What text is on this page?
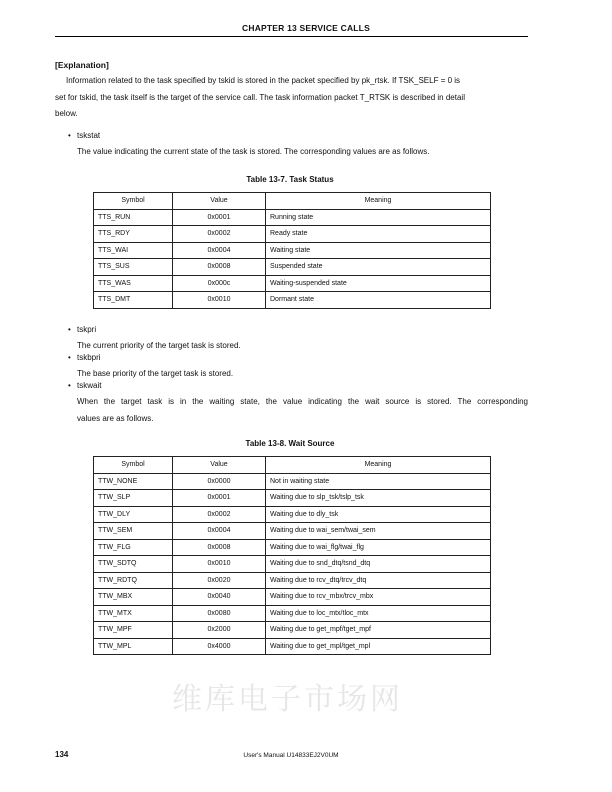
CHAPTER 13 SERVICE CALLS
[Explanation]
Information related to the task specified by tskid is stored in the packet specified by pk_rtsk. If TSK_SELF = 0 is
set for tskid, the task itself is the target of the service call. The task information packet T_RTSK is described in detail
below.
• tskstat
The value indicating the current state of the task is stored. The corresponding values are as follows.
Table 13-7. Task Status
Symbol	Value	Meaning
TTS_RUN	0x0001	Running state
TTS_RDY	0x0002	Ready state
TTS_WAI	0x0004	Waiting state
TTS_SUS	0x0008	Suspended state
TTS_WAS	0x000c	Waiting-suspended state
TTS_DMT	0x0010	Dormant state
• tskpri
The current priority of the target task is stored.
• tskbpri
The base priority of the target task is stored.
• tskwait
When the target task is in the waiting state, the value indicating the wait source is stored. The corresponding
values are as follows.
Table 13-8. Wait Source
Symbol	Value	Meaning
TTW_NONE	0x0000	Not in waiting state
TTW_SLP	0x0001	Waiting due to slp_tsk/tslp_tsk
TTW_DLY	0x0002	Waiting due to dly_tsk
TTW_SEM	0x0004	Waiting due to wai_sem/twai_sem
TTW_FLG	0x0008	Waiting due to wai_flg/twai_flg
TTW_SDTQ	0x0010	Waiting due to snd_dtq/tsnd_dtq
TTW_RDTQ	0x0020	Waiting due to rcv_dtq/trcv_dtq
TTW_MBX	0x0040	Waiting due to rcv_mbx/trcv_mbx
TTW_MTX	0x0080	Waiting due to loc_mtx/tloc_mtx
TTW_MPF	0x2000	Waiting due to get_mpf/tget_mpf
TTW_MPL	0x4000	Waiting due to get_mpl/tget_mpl
维库电子市场网
134	User's Manual U14833EJ2V0UM
